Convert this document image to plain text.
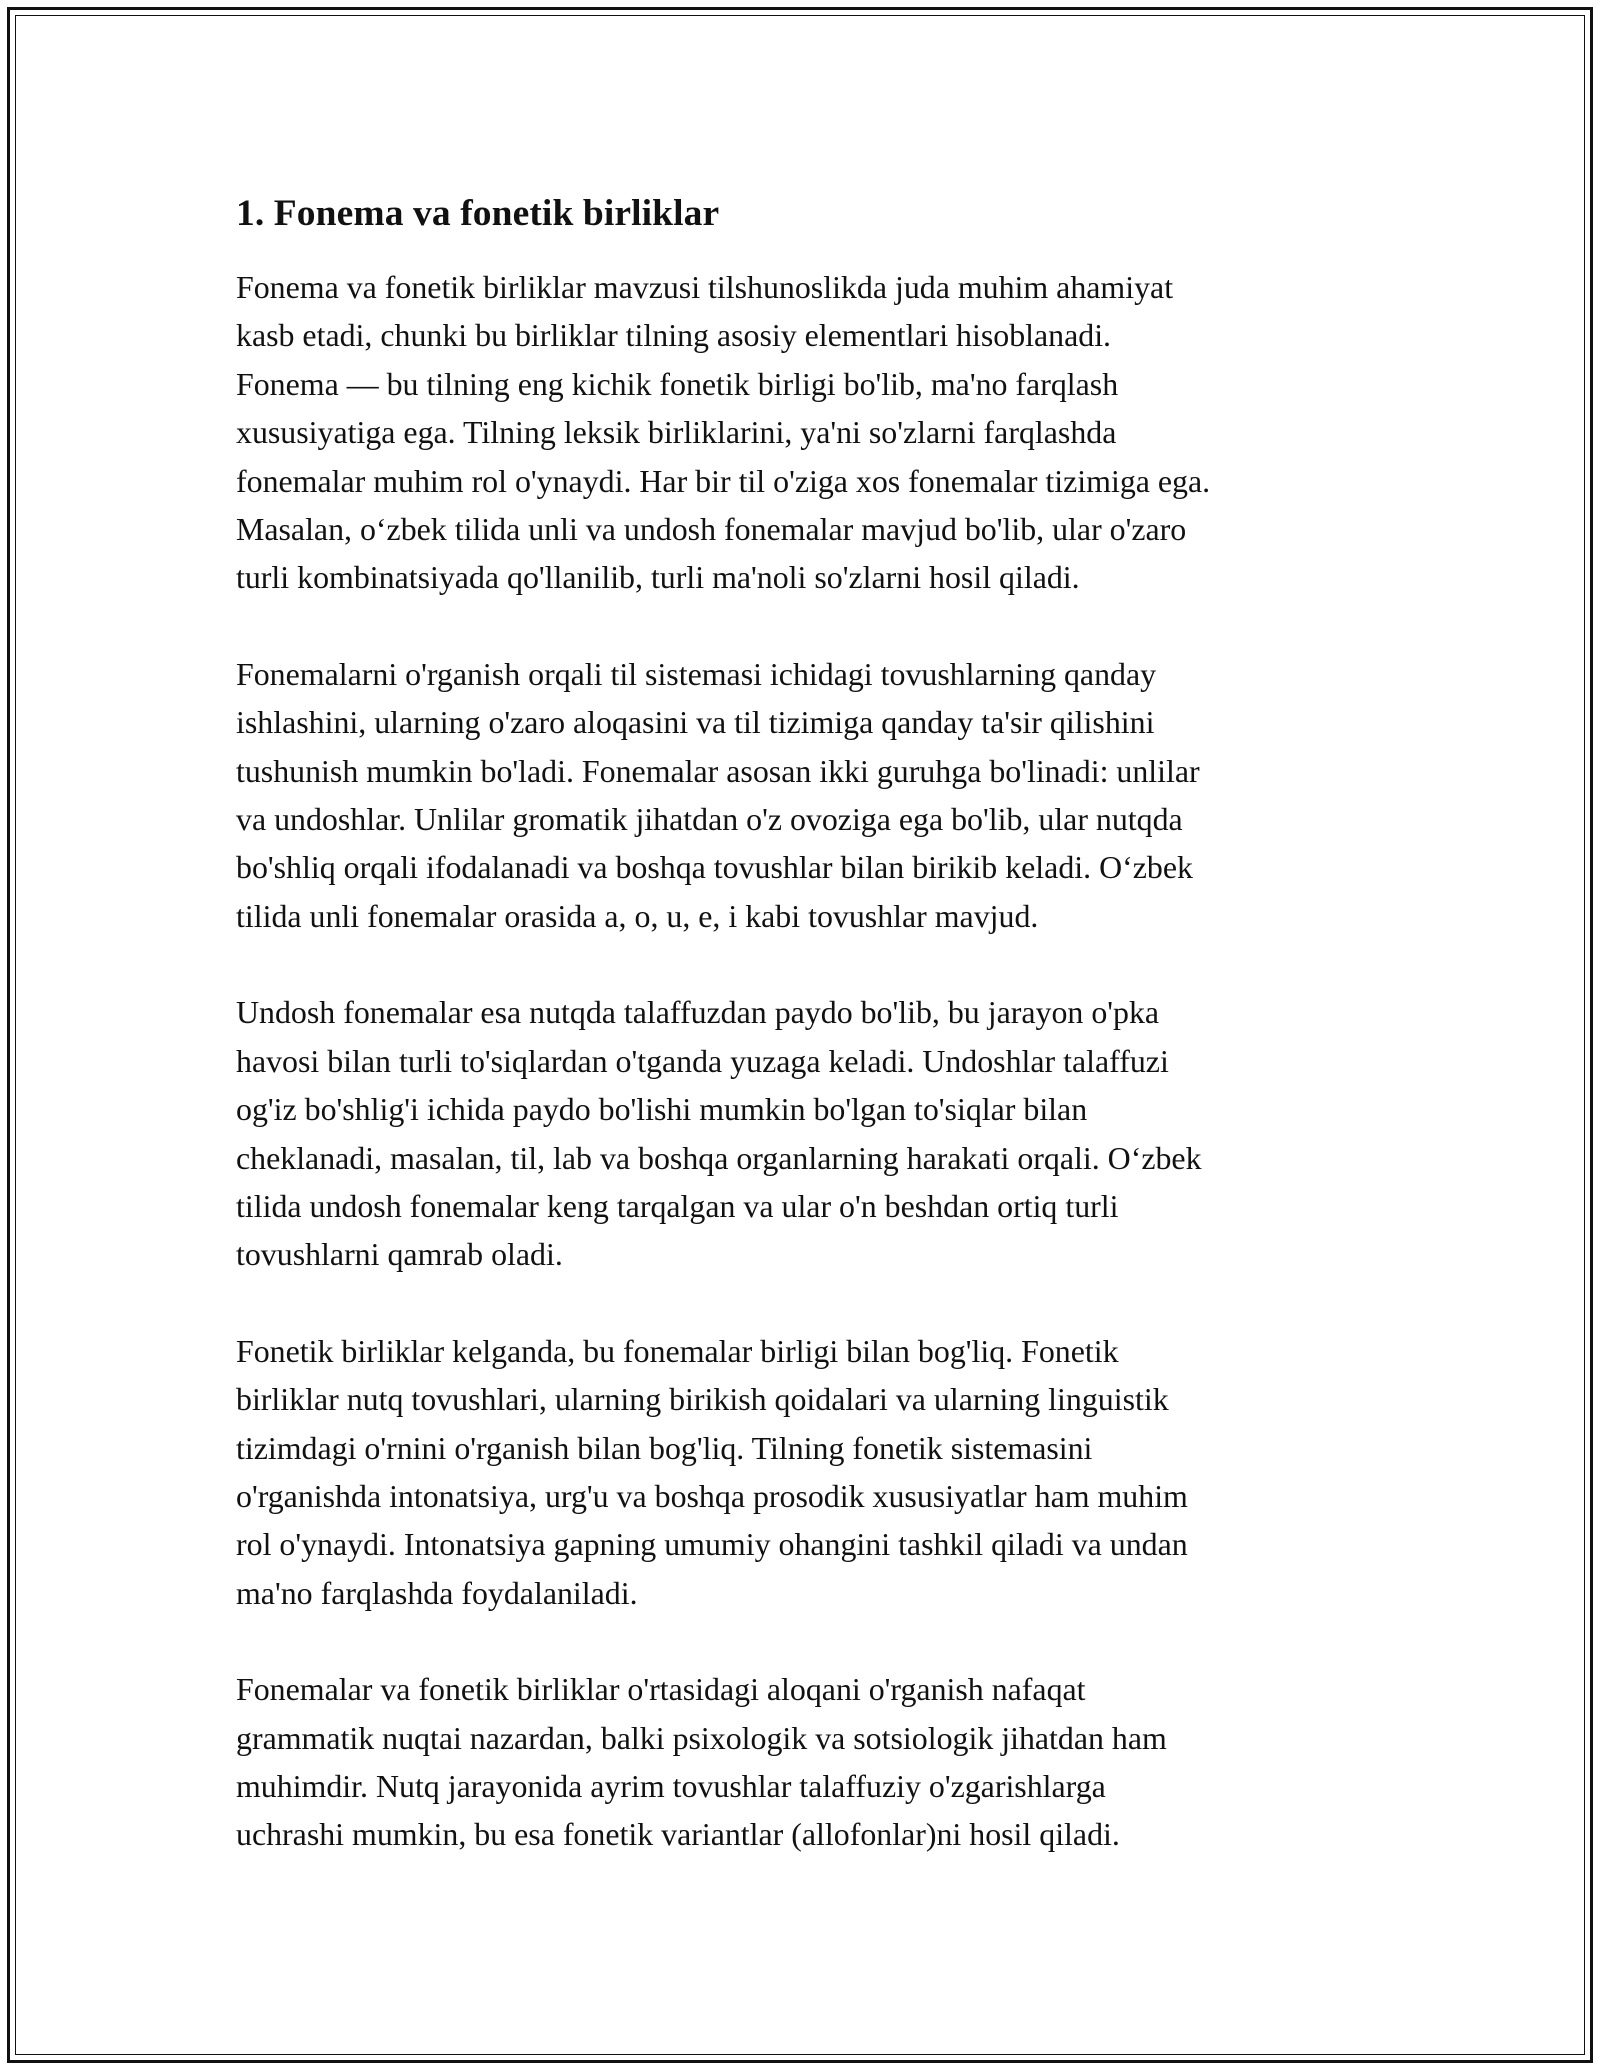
1. Fonema va fonetik birliklar

Fonema va fonetik birliklar mavzusi tilshunoslikda juda muhim ahamiyat
kasb etadi, chunki bu birliklar tilning asosiy elementlari hisoblanadi.
Fonema — bu tilning eng kichik fonetik birligi bo'lib, ma'no farqlash
xususiyatiga ega. Tilning leksik birliklarini, ya'ni so'zlarni farqlashda
fonemalar muhim rol o'ynaydi. Har bir til o'ziga xos fonemalar tizimiga ega.
Masalan, oʻzbek tilida unli va undosh fonemalar mavjud bo'lib, ular o'zaro
turli kombinatsiyada qo'llanilib, turli ma'noli so'zlarni hosil qiladi.

Fonemalarni o'rganish orqali til sistemasi ichidagi tovushlarning qanday
ishlashini, ularning o'zaro aloqasini va til tizimiga qanday ta'sir qilishini
tushunish mumkin bo'ladi. Fonemalar asosan ikki guruhga bo'linadi: unlilar
va undoshlar. Unlilar gromatik jihatdan o'z ovoziga ega bo'lib, ular nutqda
bo'shliq orqali ifodalanadi va boshqa tovushlar bilan birikib keladi. Oʻzbek
tilida unli fonemalar orasida a, o, u, e, i kabi tovushlar mavjud.

Undosh fonemalar esa nutqda talaffuzdan paydo bo'lib, bu jarayon o'pka
havosi bilan turli to'siqlardan o'tganda yuzaga keladi. Undoshlar talaffuzi
og'iz bo'shlig'i ichida paydo bo'lishi mumkin bo'lgan to'siqlar bilan
cheklanadi, masalan, til, lab va boshqa organlarning harakati orqali. Oʻzbek
tilida undosh fonemalar keng tarqalgan va ular o'n beshdan ortiq turli
tovushlarni qamrab oladi.

Fonetik birliklar kelganda, bu fonemalar birligi bilan bog'liq. Fonetik
birliklar nutq tovushlari, ularning birikish qoidalari va ularning linguistik
tizimdagi o'rnini o'rganish bilan bog'liq. Tilning fonetik sistemasini
o'rganishda intonatsiya, urg'u va boshqa prosodik xususiyatlar ham muhim
rol o'ynaydi. Intonatsiya gapning umumiy ohangini tashkil qiladi va undan
ma'no farqlashda foydalaniladi.

Fonemalar va fonetik birliklar o'rtasidagi aloqani o'rganish nafaqat
grammatik nuqtai nazardan, balki psixologik va sotsiologik jihatdan ham
muhimdir. Nutq jarayonida ayrim tovushlar talaffuziy o'zgarishlarga
uchrashi mumkin, bu esa fonetik variantlar (allofonlar)ni hosil qiladi.
